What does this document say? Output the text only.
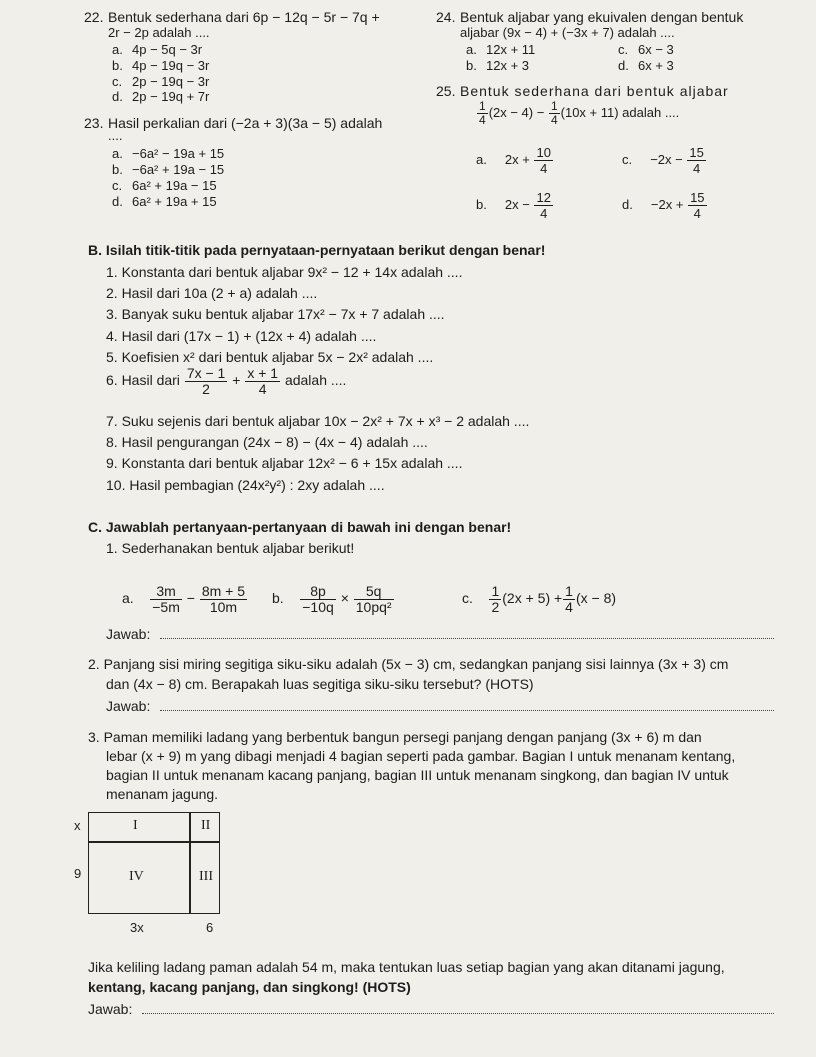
22. Bentuk sederhana dari 6p − 12q − 5r − 7q +
2r − 2p adalah ....
a. 4p − 5q − 3r
b. 4p − 19q − 3r
c. 2p − 19q − 3r
d. 2p − 19q + 7r
24. Bentuk aljabar yang ekuivalen dengan bentuk
aljabar (9x − 4) + (−3x + 7) adalah ....
a. 12x + 11
b. 12x + 3
c. 6x − 3
d. 6x + 3
25. Bentuk sederhana dari bentuk aljabar
$\frac{1}{4} (2x - 4) - \frac{1}{4} (10x + 11)$ adalah ....
a. $2x + \frac{10}{4}$
b. $2x - \frac{12}{4}$
c. $-2x - \frac{15}{4}$
d. $-2x + \frac{15}{4}$
23. Hasil perkalian dari (−2a + 3)(3a − 5) adalah
....
a. −6a² − 19a + 15
b. −6a² + 19a − 15
c. 6a² + 19a − 15
d. 6a² + 19a + 15
B. Isilah titik-titik pada pernyataan-pernyataan berikut dengan benar!
1. Konstanta dari bentuk aljabar 9x² − 12 + 14x adalah ....
2. Hasil dari 10a (2 + a) adalah ....
3. Banyak suku bentuk aljabar 17x² − 7x + 7 adalah ....
4. Hasil dari (17x − 1) + (12x + 4) adalah ....
5. Koefisien x² dari bentuk aljabar 5x − 2x² adalah ....
6. Hasil dari $\frac{7x - 1}{2} + \frac{x + 1}{4}$ adalah ....
7. Suku sejenis dari bentuk aljabar 10x − 2x² + 7x + x³ − 2 adalah ....
8. Hasil pengurangan (24x − 8) − (4x − 4) adalah ....
9. Konstanta dari bentuk aljabar 12x² − 6 + 15x adalah ....
10. Hasil pembagian (24x²y²) : 2xy adalah ....
C. Jawablah pertanyaan-pertanyaan di bawah ini dengan benar!
1. Sederhanakan bentuk aljabar berikut!
a. $\frac{3m}{-5m} - \frac{8m + 5}{10m} b$. $\frac{8p}{-10q} \times \frac{5q}{\text{10pq²}}$	c. $\frac{1}{2} (2x + 5) + \frac{1}{4} (x - 8)$
Jawab:
2. Panjang sisi miring segitiga siku-siku adalah (5x − 3) cm, sedangkan panjang sisi lainnya (3x + 3) cm
dan (4x − 8) cm. Berapakah luas segitiga siku-siku tersebut? (HOTS)
Jawab:
3. Paman memiliki ladang yang berbentuk bangun persegi panjang dengan panjang (3x + 6) m dan
lebar (x + 9) m yang dibagi menjadi 4 bagian seperti pada gambar. Bagian I untuk menanam kentang,
bagian II untuk menanam kacang panjang, bagian III untuk menanam singkong, dan bagian IV untuk
menanam jagung.
x
9
I	II
IV	III
3x	6
Jika keliling ladang paman adalah 54 m, maka tentukan luas setiap bagian yang akan ditanami jagung,
kentang, kacang panjang, dan singkong! (HOTS)
Jawab:
